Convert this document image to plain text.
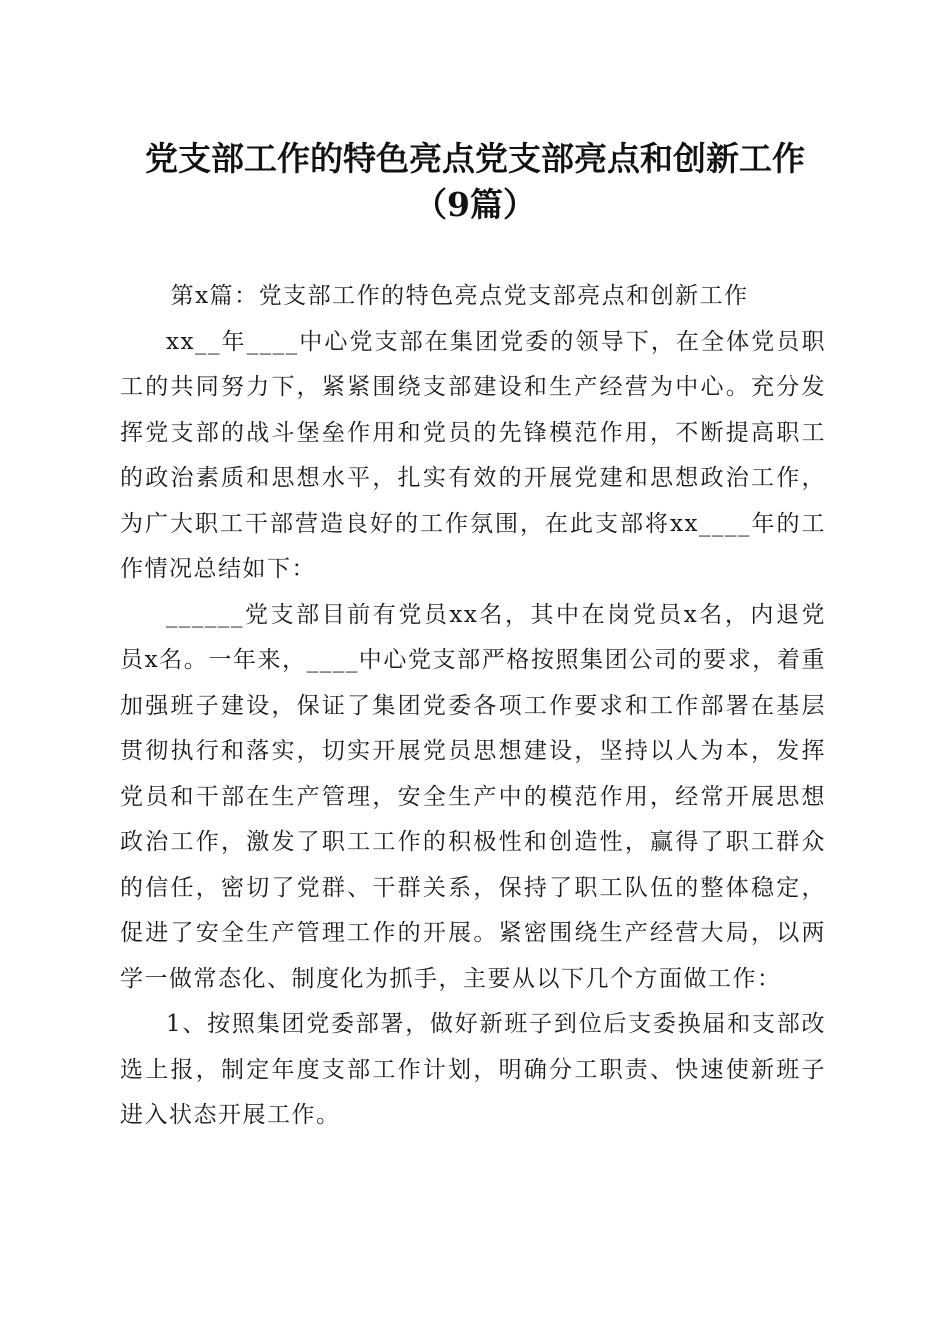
党支部工作的特色亮点党支部亮点和创新工作
（9篇）

第x篇：党支部工作的特色亮点党支部亮点和创新工作

xx__年____中心党支部在集团党委的领导下，在全体党员职工的共同努力下，紧紧围绕支部建设和生产经营为中心。充分发挥党支部的战斗堡垒作用和党员的先锋模范作用，不断提高职工的政治素质和思想水平，扎实有效的开展党建和思想政治工作，为广大职工干部营造良好的工作氛围，在此支部将xx____年的工作情况总结如下：

______党支部目前有党员xx名，其中在岗党员x名，内退党员x名。一年来，____中心党支部严格按照集团公司的要求，着重加强班子建设，保证了集团党委各项工作要求和工作部署在基层贯彻执行和落实，切实开展党员思想建设，坚持以人为本，发挥党员和干部在生产管理，安全生产中的模范作用，经常开展思想政治工作，激发了职工工作的积极性和创造性，赢得了职工群众的信任，密切了党群、干群关系，保持了职工队伍的整体稳定，促进了安全生产管理工作的开展。紧密围绕生产经营大局，以两学一做常态化、制度化为抓手，主要从以下几个方面做工作：

1、按照集团党委部署，做好新班子到位后支委换届和支部改选上报，制定年度支部工作计划，明确分工职责、快速使新班子进入状态开展工作。
